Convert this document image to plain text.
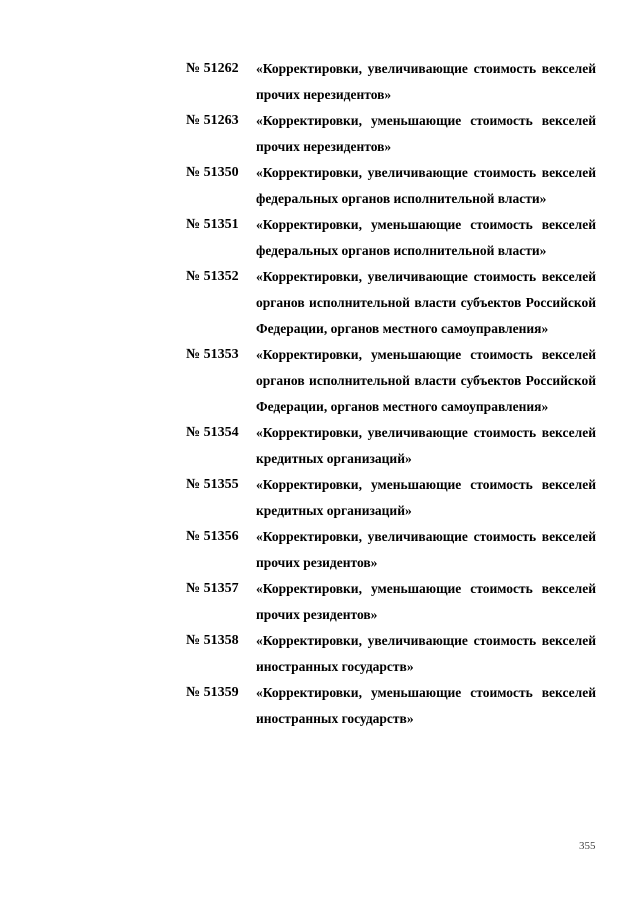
№ 51262	«Корректировки, увеличивающие стоимость векселей прочих нерезидентов»
№ 51263	«Корректировки, уменьшающие стоимость векселей прочих нерезидентов»
№ 51350	«Корректировки, увеличивающие стоимость векселей федеральных органов исполнительной власти»
№ 51351	«Корректировки, уменьшающие стоимость векселей федеральных органов исполнительной власти»
№ 51352	«Корректировки, увеличивающие стоимость векселей органов исполнительной власти субъектов Российской Федерации, органов местного самоуправления»
№ 51353	«Корректировки, уменьшающие стоимость векселей органов исполнительной власти субъектов Российской Федерации, органов местного самоуправления»
№ 51354	«Корректировки, увеличивающие стоимость векселей кредитных организаций»
№ 51355	«Корректировки, уменьшающие стоимость векселей кредитных организаций»
№ 51356	«Корректировки, увеличивающие стоимость векселей прочих резидентов»
№ 51357	«Корректировки, уменьшающие стоимость векселей прочих резидентов»
№ 51358	«Корректировки, увеличивающие стоимость векселей иностранных государств»
№ 51359	«Корректировки, уменьшающие стоимость векселей иностранных государств»
355
